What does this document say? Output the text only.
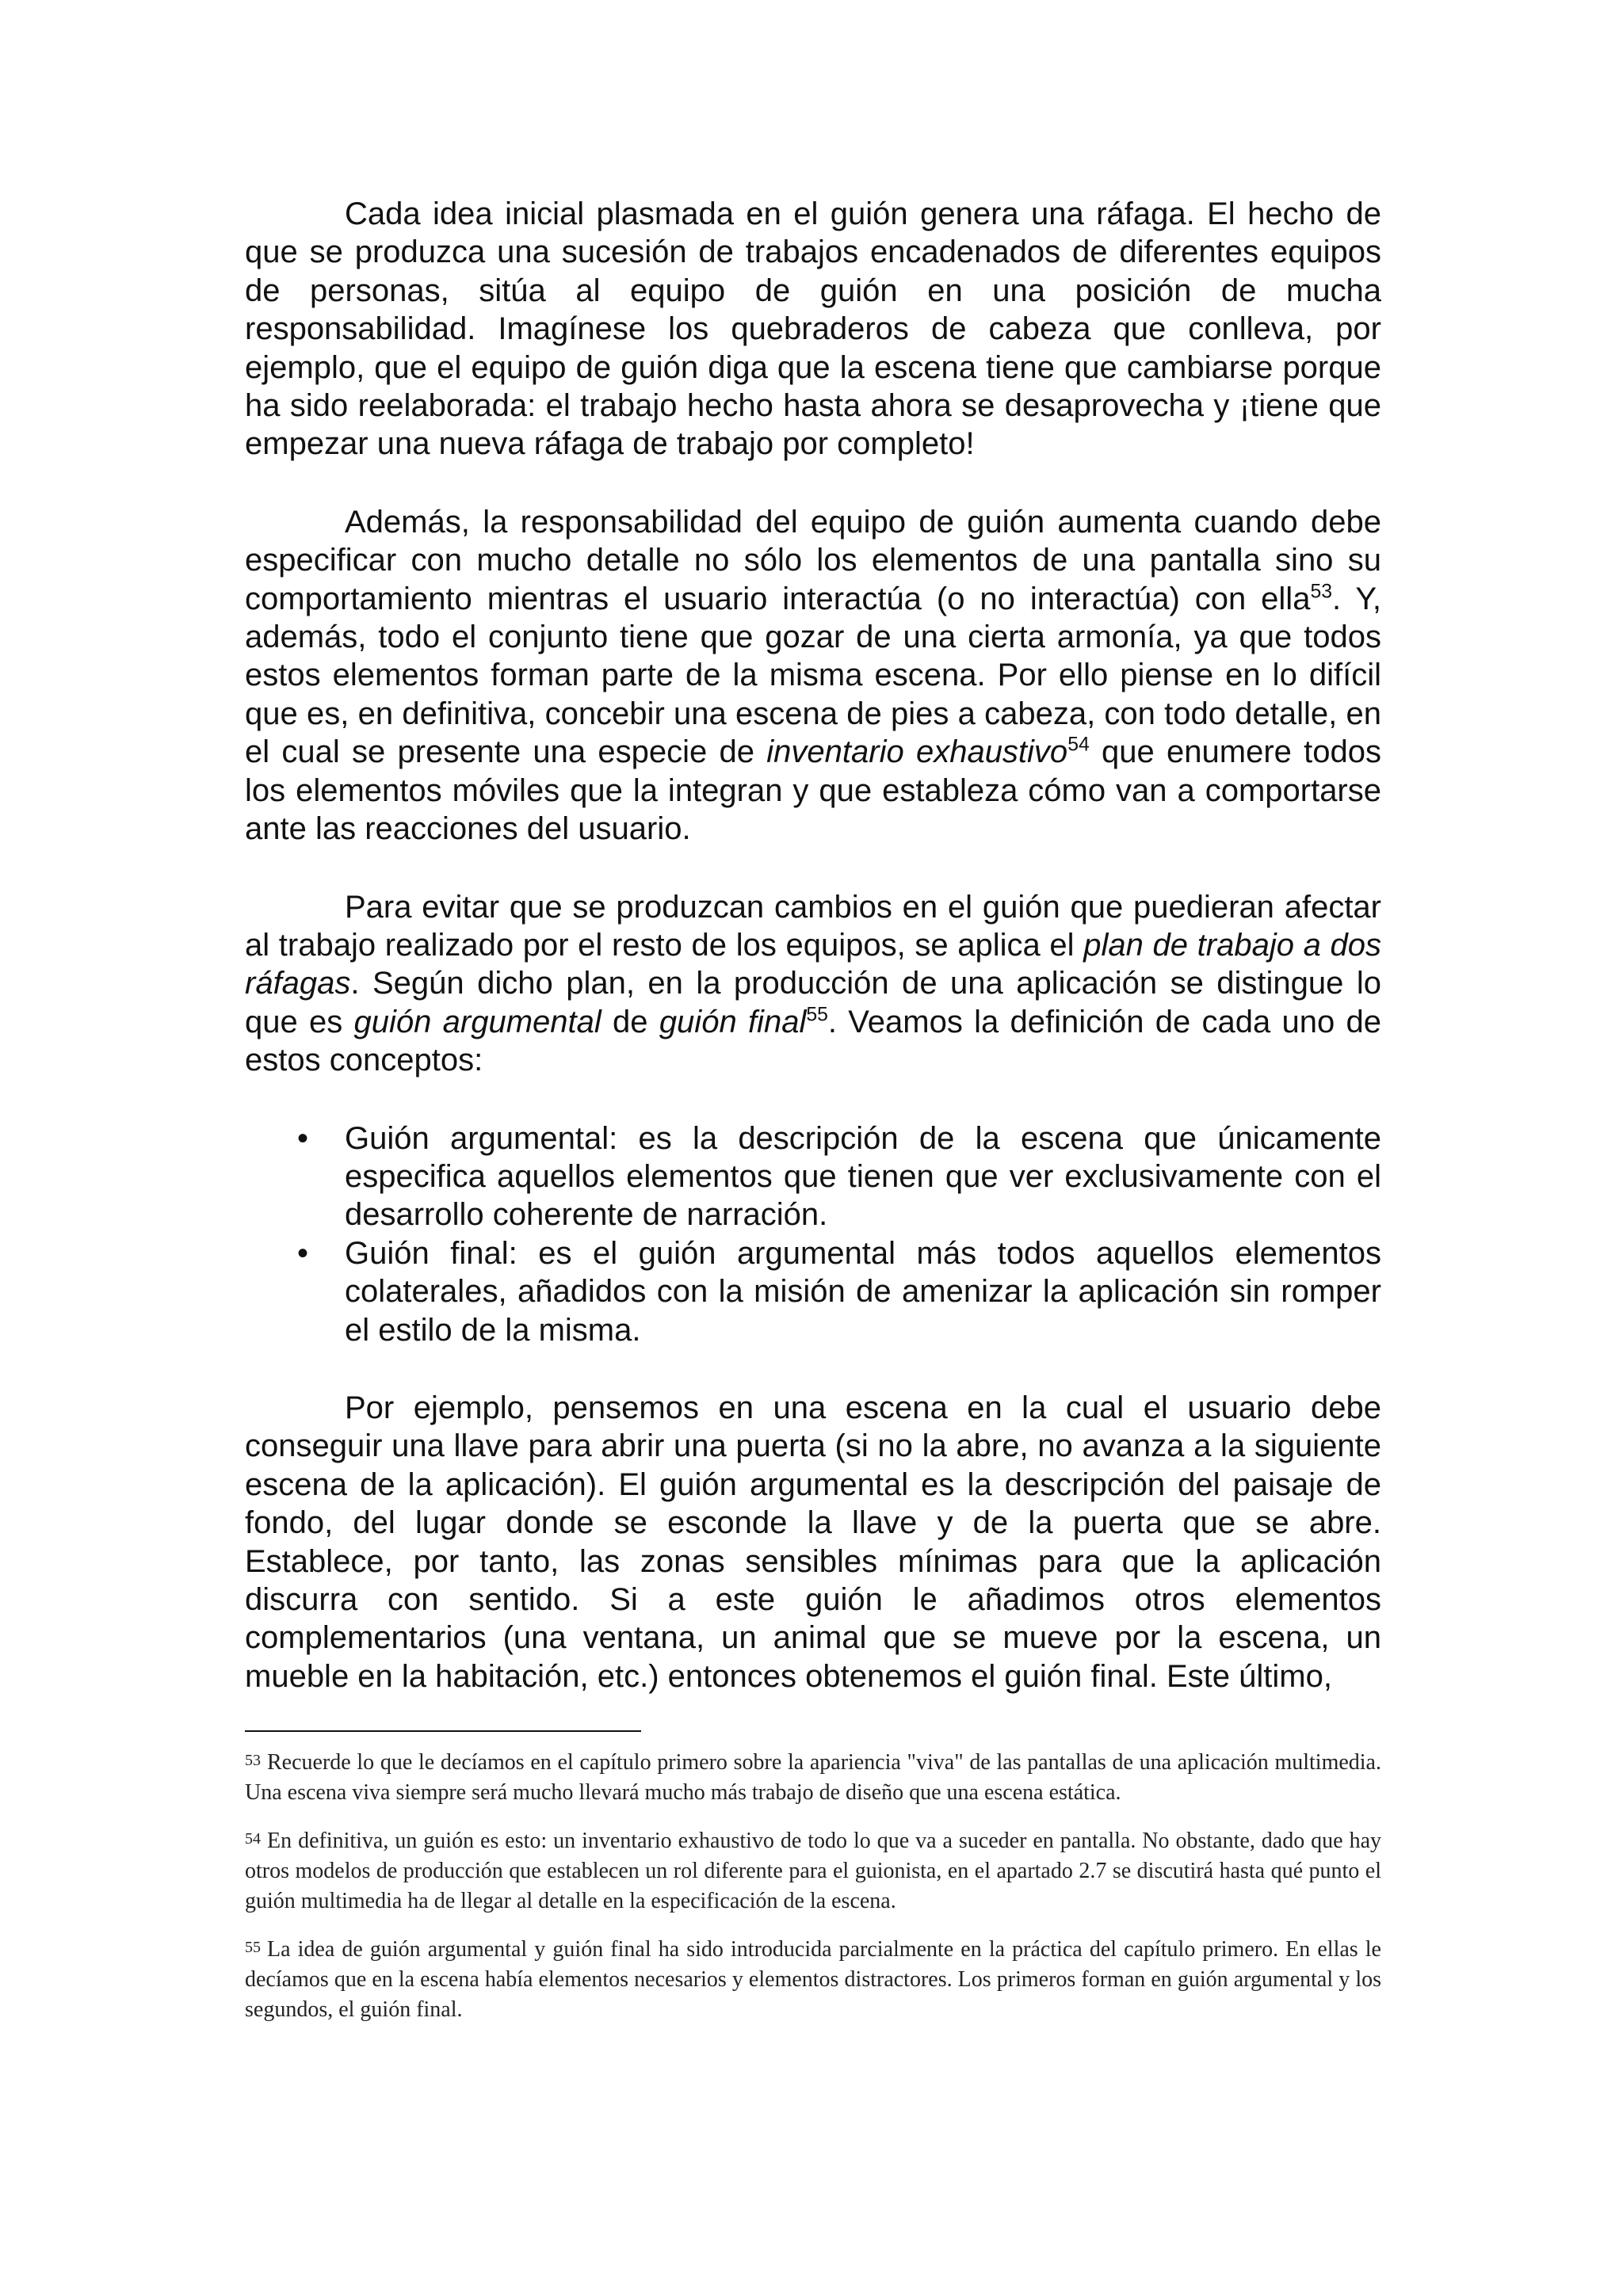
Cada idea inicial plasmada en el guión genera una ráfaga. El hecho de que se produzca una sucesión de trabajos encadenados de diferentes equipos de personas, sitúa al equipo de guión en una posición de mucha responsabilidad. Imagínese los quebraderos de cabeza que conlleva, por ejemplo, que el equipo de guión diga que la escena tiene que cambiarse porque ha sido reelaborada: el trabajo hecho hasta ahora se desaprovecha y ¡tiene que empezar una nueva ráfaga de trabajo por completo!

Además, la responsabilidad del equipo de guión aumenta cuando debe especificar con mucho detalle no sólo los elementos de una pantalla sino su comportamiento mientras el usuario interactúa (o no interactúa) con ella$^{53}$. Y, además, todo el conjunto tiene que gozar de una cierta armonía, ya que todos estos elementos forman parte de la misma escena. Por ello piense en lo difícil que es, en definitiva, concebir una escena de pies a cabeza, con todo detalle, en el cual se presente una especie de inventario exhaustivo$^{54}$ que enumere todos los elementos móviles que la integran y que estableza cómo van a comportarse ante las reacciones del usuario.

Para evitar que se produzcan cambios en el guión que puedieran afectar al trabajo realizado por el resto de los equipos, se aplica el plan de trabajo a dos ráfagas. Según dicho plan, en la producción de una aplicación se distingue lo que es guión argumental de guión final$^{55}$. Veamos la definición de cada uno de estos conceptos:

• Guión argumental: es la descripción de la escena que únicamente especifica aquellos elementos que tienen que ver exclusivamente con el desarrollo coherente de narración.
• Guión final: es el guión argumental más todos aquellos elementos colaterales, añadidos con la misión de amenizar la aplicación sin romper el estilo de la misma.

Por ejemplo, pensemos en una escena en la cual el usuario debe conseguir una llave para abrir una puerta (si no la abre, no avanza a la siguiente escena de la aplicación). El guión argumental es la descripción del paisaje de fondo, del lugar donde se esconde la llave y de la puerta que se abre. Establece, por tanto, las zonas sensibles mínimas para que la aplicación discurra con sentido. Si a este guión le añadimos otros elementos complementarios (una ventana, un animal que se mueve por la escena, un mueble en la habitación, etc.) entonces obtenemos el guión final. Este último,

53 Recuerde lo que le decíamos en el capítulo primero sobre la apariencia "viva" de las pantallas de una aplicación multimedia. Una escena viva siempre será mucho llevará mucho más trabajo de diseño que una escena estática.

54 En definitiva, un guión es esto: un inventario exhaustivo de todo lo que va a suceder en pantalla. No obstante, dado que hay otros modelos de producción que establecen un rol diferente para el guionista, en el apartado 2.7 se discutirá hasta qué punto el guión multimedia ha de llegar al detalle en la especificación de la escena.

55 La idea de guión argumental y guión final ha sido introducida parcialmente en la práctica del capítulo primero. En ellas le decíamos que en la escena había elementos necesarios y elementos distractores. Los primeros forman en guión argumental y los segundos, el guión final.
